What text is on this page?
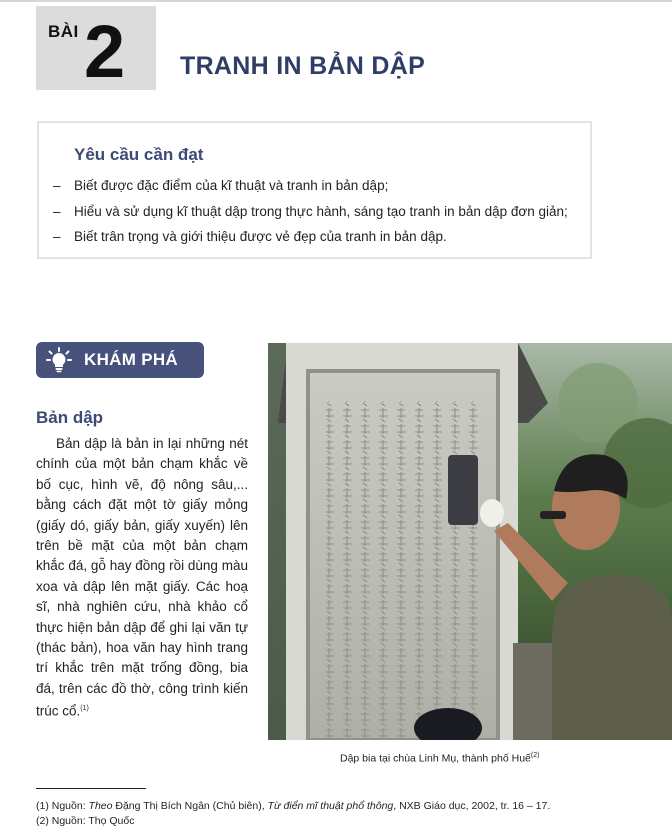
BÀI 2 TRANH IN BẢN DẬP
Yêu cầu cần đạt
– Biết được đặc điểm của kĩ thuật và tranh in bản dập;
– Hiểu và sử dụng kĩ thuật dập trong thực hành, sáng tạo tranh in bản dập đơn giản;
– Biết trân trọng và giới thiệu được vẻ đẹp của tranh in bản dập.
KHÁM PHÁ
Bản dập

Bản dập là bản in lại những nét chính của một bản chạm khắc về bố cục, hình vẽ, độ nông sâu,... bằng cách đặt một tờ giấy mỏng (giấy dó, giấy bản, giấy xuyến) lên trên bề mặt của một bản chạm khắc đá, gỗ hay đồng rồi dùng màu xoa và dập lên mặt giấy. Các hoạ sĩ, nhà nghiên cứu, nhà khảo cổ thực hiện bản dập để ghi lại văn tự (thác bản), hoa văn hay hình trang trí khắc trên mặt trống đồng, bia đá, trên các đồ thờ, công trình kiến trúc cổ.$^{(1)}$

Dập bia tại chùa Linh Mụ, thành phố Huế$^{(2)}$
(1) Nguồn: Theo Đặng Thị Bích Ngân (Chủ biên), Từ điển mĩ thuật phổ thông, NXB Giáo dục, 2002, tr. 16 – 17.
(2) Nguồn: Thọ Quốc
